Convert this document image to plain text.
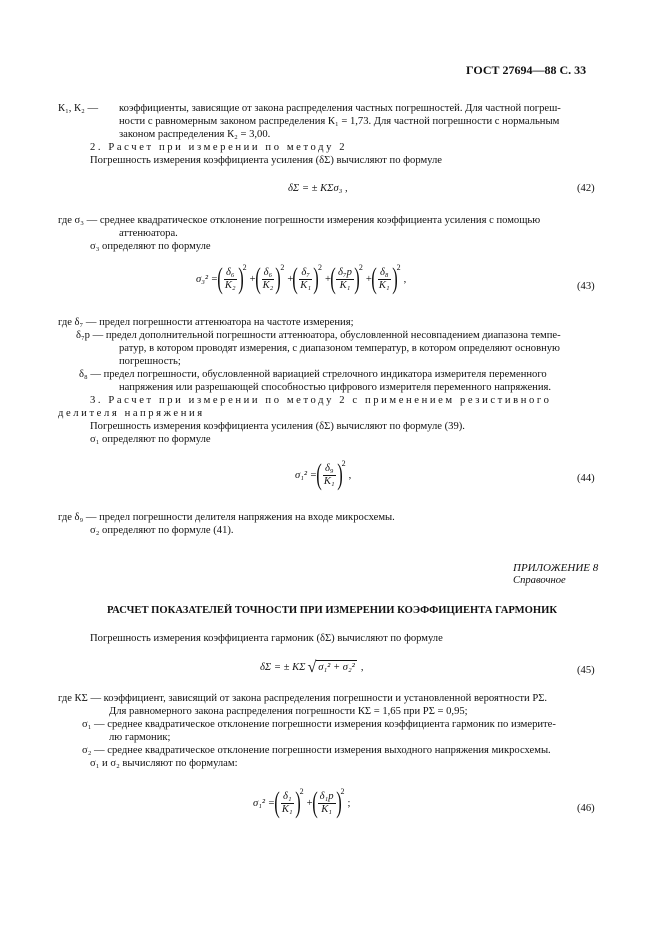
ГОСТ 27694—88 С. 33
К₁, К₂ — коэффициенты, зависящие от закона распределения частных погрешностей. Для частной погреш-
ности с равномерным законом распределения К₁ = 1,73. Для частной погрешности с нормальным
законом распределения К₂ = 3,00.
2. Расчет при измерении по методу 2
Погрешность измерения коэффициента усиления (δΣ) вычисляют по формуле
δΣ = ± КΣσ₃ ,	(42)
где σ₃ — среднее квадратическое отклонение погрешности измерения коэффициента усиления с помощью
аттенюатора.
σ₃ определяют по формуле
σ₃² = ( $\frac{\text{δ₆}}{\text{К₂}}$ ) 2
+ ( $\frac{\text{δ₆}}{\text{К₂}}$ ) 2
+ ( $\frac{\text{δ₇}}{\text{К₁}}$ ) 2
+ ( $\frac{\text{δ₇р}}{\text{К₁}}$ ) 2
+ ( $\frac{\text{δ₈}}{\text{К₁}}$ ) 2
,
(43)
где δ₇ — предел погрешности аттенюатора на частоте измерения;
δ₇р — предел дополнительной погрешности аттенюатора, обусловленной несовпадением диапазона темпе-
ратур, в котором проводят измерения, с диапазоном температур, в котором определяют основную
погрешность;
δ₈ — предел погрешности, обусловленной вариацией стрелочного индикатора измерителя переменного
напряжения или разрешающей способностью цифрового измерителя переменного напряжения.
3. Расчет при измерении по методу 2 с применением резистивного
делителя напряжения
Погрешность измерения коэффициента усиления (δΣ) вычисляют по формуле (39).
σ₁ определяют по формуле
σ₁² = ( $\frac{\text{δ₉}}{\text{К₁}}$ ) 2
,	(44)
где δ₉ — предел погрешности делителя напряжения на входе микросхемы.
σ₂ определяют по формуле (41).
ПРИЛОЖЕНИЕ 8
Справочное
РАСЧЕТ ПОКАЗАТЕЛЕЙ ТОЧНОСТИ ПРИ ИЗМЕРЕНИИ КОЭФФИЦИЕНТА ГАРМОНИК
Погрешность измерения коэффициента гармоник (δΣ) вычисляют по формуле
δΣ = ± КΣ √ σ₁² + σ₂² ,	(45)
где КΣ — коэффициент, зависящий от закона распределения погрешности и установленной вероятности РΣ.
Для равномерного закона распределения погрешности КΣ = 1,65 при РΣ = 0,95;
σ₁ — среднее квадратическое отклонение погрешности измерения коэффициента гармоник по измерите-
лю гармоник;
σ₂ — среднее квадратическое отклонение погрешности измерения выходного напряжения микросхемы.
σ₁ и σ₂ вычисляют по формулам:
σ₁² = ( $\frac{\text{δ₁}}{\text{К₁}}$ ) 2
+ ( $\frac{\text{δ₁р}}{\text{К₁}}$ ) 2
;	(46)
